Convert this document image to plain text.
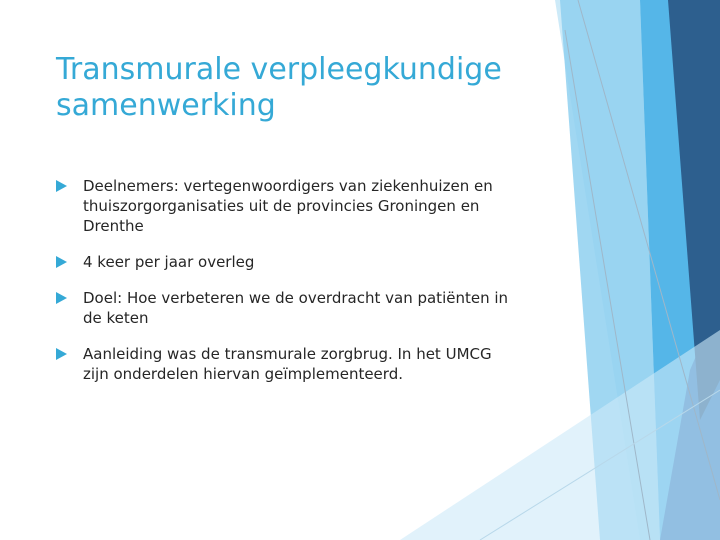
Transmurale verpleegkundige
samenwerking
Deelnemers: vertegenwoordigers van ziekenhuizen en
thuiszorgorganisaties uit de provincies Groningen en
Drenthe
4 keer per jaar overleg
Doel: Hoe verbeteren we de overdracht van patiënten in
de keten
Aanleiding was de transmurale zorgbrug. In het UMCG
zijn onderdelen hiervan geïmplementeerd.
